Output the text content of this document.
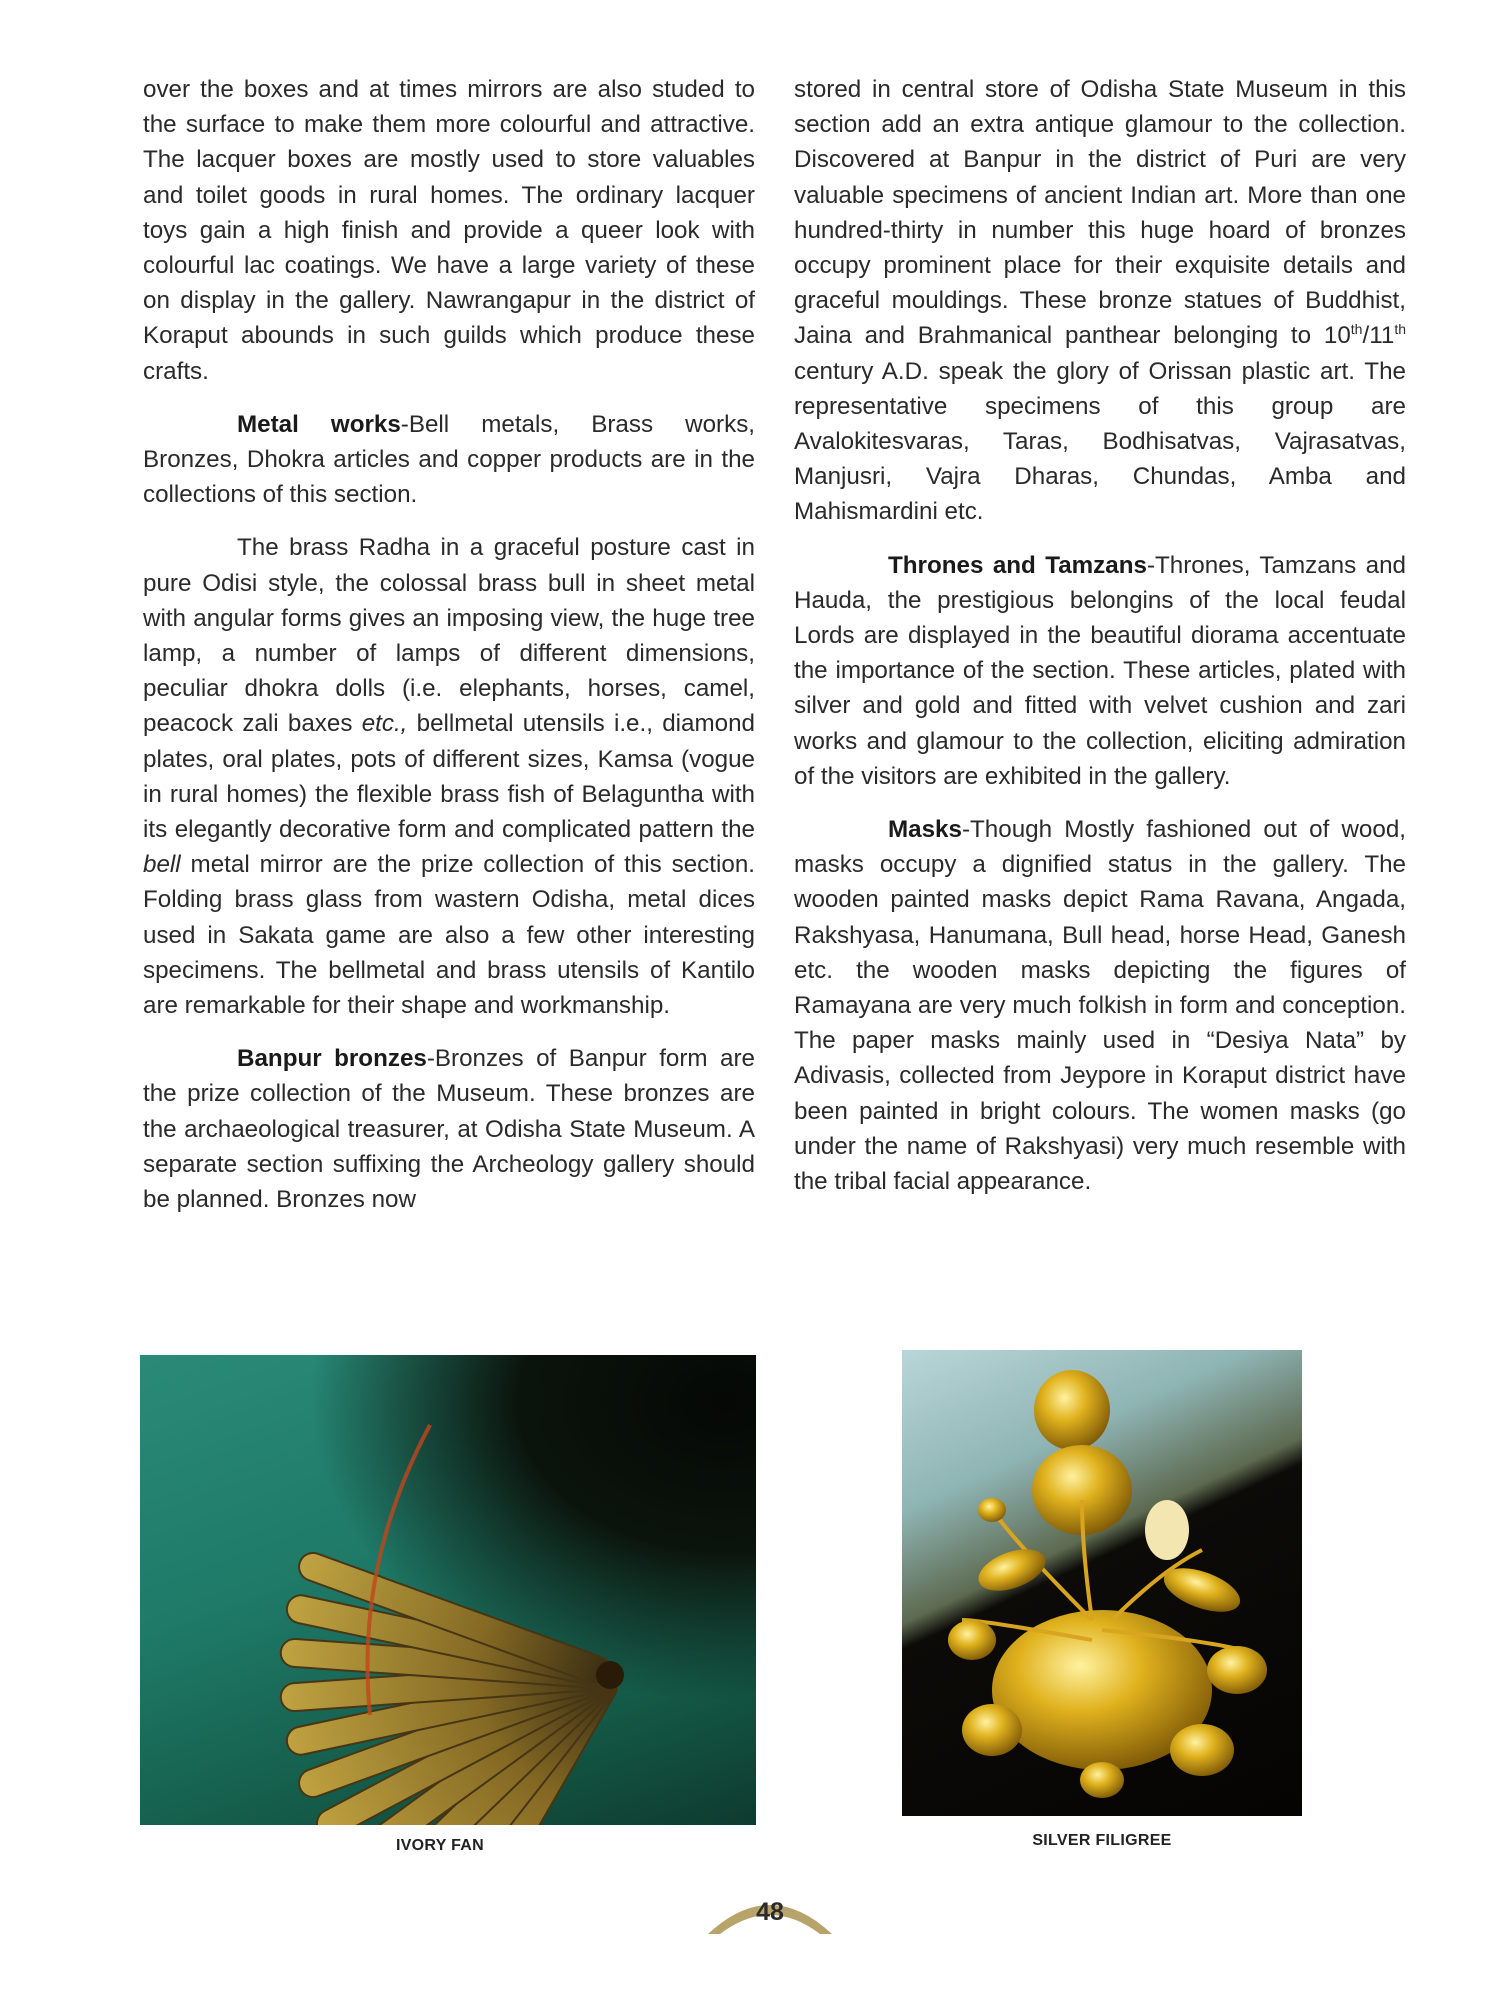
over the boxes and at times mirrors are also studed to the surface to make them more colourful and attractive. The lacquer boxes are mostly used to store valuables and toilet goods in rural homes. The ordinary lacquer toys gain a high finish and provide a queer look with colourful lac coatings. We have a large variety of these on display in the gallery. Nawrangapur in the district of Koraput abounds in such guilds which produce these crafts.

Metal works-Bell metals, Brass works, Bronzes, Dhokra articles and copper products are in the collections of this section.

The brass Radha in a graceful posture cast in pure Odisi style, the colossal brass bull in sheet metal with angular forms gives an imposing view, the huge tree lamp, a number of lamps of different dimensions, peculiar dhokra dolls (i.e. elephants, horses, camel, peacock zali baxes etc., bellmetal utensils i.e., diamond plates, oral plates, pots of different sizes, Kamsa (vogue in rural homes) the flexible brass fish of Belaguntha with its elegantly decorative form and complicated pattern the bell metal mirror are the prize collection of this section. Folding brass glass from wastern Odisha, metal dices used in Sakata game are also a few other interesting specimens. The bellmetal and brass utensils of Kantilo are remarkable for their shape and workmanship.

Banpur bronzes-Bronzes of Banpur form are the prize collection of the Museum. These bronzes are the archaeological treasurer, at Odisha State Museum. A separate section suffixing the Archeology gallery should be planned. Bronzes now

stored in central store of Odisha State Museum in this section add an extra antique glamour to the collection. Discovered at Banpur in the district of Puri are very valuable specimens of ancient Indian art. More than one hundred-thirty in number this huge hoard of bronzes occupy prominent place for their exquisite details and graceful mouldings. These bronze statues of Buddhist, Jaina and Brahmanical panthear belonging to 10th/11th century A.D. speak the glory of Orissan plastic art. The representative specimens of this group are Avalokitesvaras, Taras, Bodhisatvas, Vajrasatvas, Manjusri, Vajra Dharas, Chundas, Amba and Mahismardini etc.

Thrones and Tamzans-Thrones, Tamzans and Hauda, the prestigious belongins of the local feudal Lords are displayed in the beautiful diorama accentuate the importance of the section. These articles, plated with silver and gold and fitted with velvet cushion and zari works and glamour to the collection, eliciting admiration of the visitors are exhibited in the gallery.

Masks-Though Mostly fashioned out of wood, masks occupy a dignified status in the gallery. The wooden painted masks depict Rama Ravana, Angada, Rakshyasa, Hanumana, Bull head, horse Head, Ganesh etc. the wooden masks depicting the figures of Ramayana are very much folkish in form and conception. The paper masks mainly used in “Desiya Nata” by Adivasis, collected from Jeypore in Koraput district have been painted in bright colours. The women masks (go under the name of Rakshyasi) very much resemble with the tribal facial appearance.

IVORY FAN	SILVER FILIGREE
48
